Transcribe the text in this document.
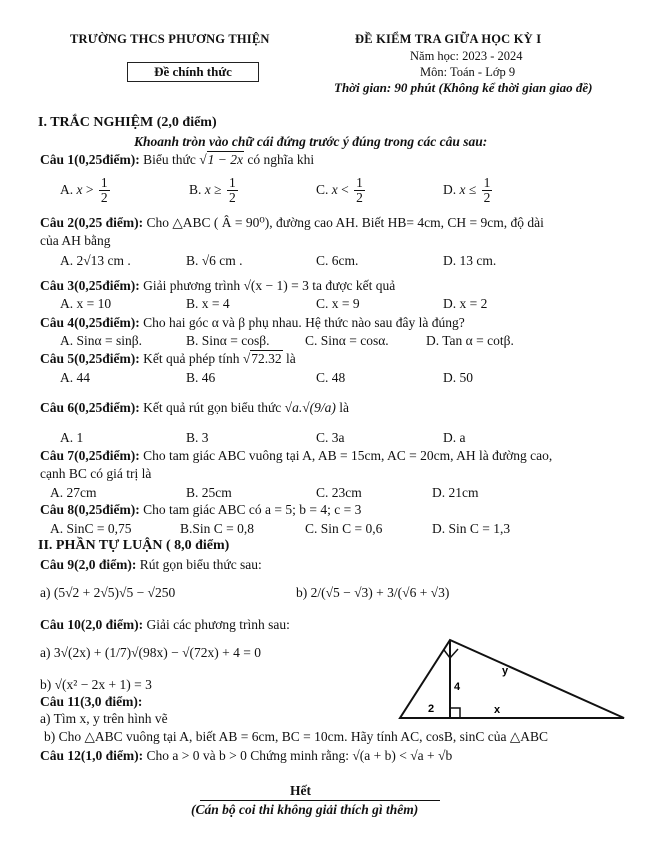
TRƯỜNG THCS PHƯƠNG THIỆN	ĐỀ KIỂM TRA GIỮA HỌC KỲ I
Năm học: 2023 - 2024
Môn: Toán - Lớp 9
Đề chính thức
Thời gian: 90 phút (Không kể thời gian giao đề)
I. TRẮC NGHIỆM (2,0 điểm)
Khoanh tròn vào chữ cái đứng trước ý đúng trong các câu sau:
Câu 1(0,25điểm): Biểu thức √ 1 − 2x có nghĩa khi
A. $x > \frac{1}{2}$	B. $x \ge \frac{1}{2}$	C. $x < \frac{1}{2}$	D. $x \le \frac{1}{2}$
Câu 2(0,25 điểm): Cho △ABC ( Â = 90⁰), đường cao AH. Biết HB= 4cm, CH = 9cm, độ dài
của AH bằng
A. 2√13 cm .	B. √6 cm .	C. 6cm.	D. 13 cm.
Câu 3(0,25điểm): Giải phương trình √(x − 1) = 3 ta được kết quả
A. x = 10	B. x = 4	C. x = 9	D. x = 2
Câu 4(0,25điểm): Cho hai góc α và β phụ nhau. Hệ thức nào sau đây là đúng?
A. Sinα = sinβ.	B. Sinα = cosβ.	C. Sinα = cosα.	D. Tan α = cotβ.
Câu 5(0,25điểm): Kết quả phép tính √ 72.32 là
A. 44	B. 46	C. 48	D. 50
Câu 6(0,25điểm): Kết quả rút gọn biểu thức √a.√(9/a) là
A. 1	B. 3	C. 3a	D. a
Câu 7(0,25điểm): Cho tam giác ABC vuông tại A, AB = 15cm, AC = 20cm, AH là đường cao,
cạnh BC có giá trị là
A. 27cm	B. 25cm	C. 23cm	D. 21cm
Câu 8(0,25điểm): Cho tam giác ABC có a = 5; b = 4; c = 3
A. SinC = 0,75	B.Sin C = 0,8	C. Sin C = 0,6	D. Sin C = 1,3
II. PHẦN TỰ LUẬN ( 8,0 điểm)
Câu 9(2,0 điểm): Rút gọn biểu thức sau:
a) (5√2 + 2√5)√5 − √250	b) 2/(√5 − √3) + 3/(√6 + √3)
Câu 10(2,0 điểm): Giải các phương trình sau:
a) 3√(2x) + (1/7)√(98x) − √(72x) + 4 = 0
b) √(x² − 2x + 1) = 3
Câu 11(3,0 điểm):
a) Tìm x, y trên hình vẽ
b) Cho △ABC vuông tại A, biết AB = 6cm, BC = 10cm. Hãy tính AC, cosB, sinC của △ABC
Câu 12(1,0 điểm): Cho a > 0 và b > 0 Chứng minh rằng: √(a + b) < √a + √b
y
4
2	x
Hết
(Cán bộ coi thi không giải thích gì thêm)
